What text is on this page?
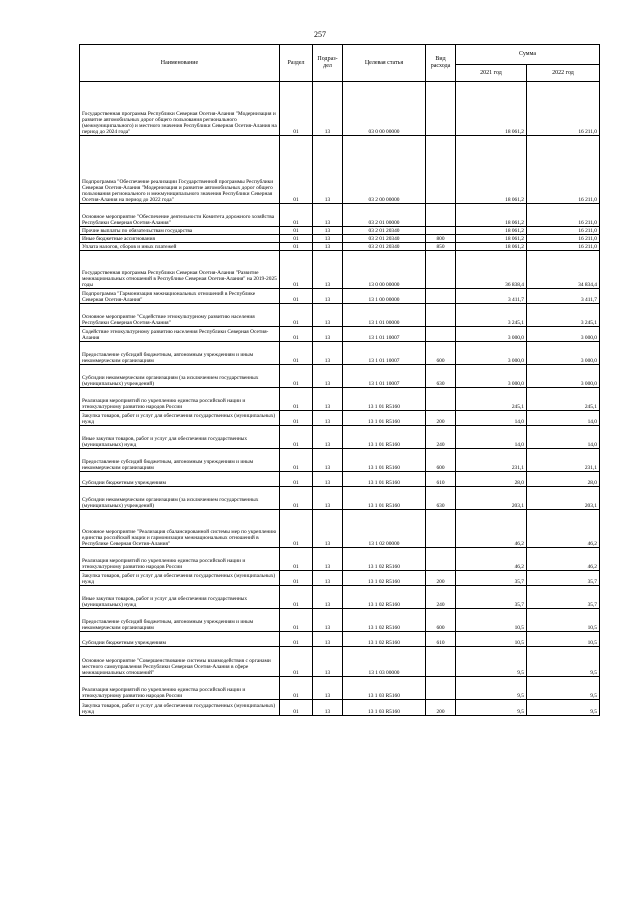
257
Наименование	Раздел	Подраз-дел	Целевая статья	Вид расхода	Сумма	
					2021 год	2022 год
Государственная программа Республики Северная Осетия-Алания "Модернизация и развитие автомобильных дорог общего пользования регионального (межмуниципального) и местного значения Республики Северная Осетия-Алания на период до 2024 года"	01	13	03 0 00 00000		18 061,2	16 211,0
Подпрограмма "Обеспечение реализации Государственной программы Республики Северная Осетия-Алания "Модернизация и развитие автомобильных дорог общего пользования регионального и межмуниципального значения Республики Северная Осетия-Алания на период до 2022 года"	01	13	03 2 00 00000		18 061,2	16 211,0
Основное мероприятие "Обеспечение деятельности Комитета дорожного хозяйства Республики Северная Осетия-Алания"	01	13	03 2 01 00000		18 061,2	16 211,0
Прочие выплаты по обязательствам государства	01	13	03 2 01 20340		18 061,2	16 211,0
Иные бюджетные ассигнования	01	13	03 2 01 20340	800	18 061,2	16 211,0
Уплата налогов, сборов и иных платежей	01	13	03 2 01 20340	850	18 061,2	16 211,0
Государственная программа Республики Северная Осетия-Алания "Развитие межнациональных отношений в Республике Северная Осетия-Алания" на 2019-2025 годы	01	13	13 0 00 00000		36 838,4	34 834,4
Подпрограмма "Гармонизация межнациональных отношений в Республике Северная Осетия-Алания"	01	13	13 1 00 00000		3 411,7	3 411,7
Основное мероприятие "Содействие этнокультурному развитию населения Республики Северная Осетия-Алания"	01	13	13 1 01 00000		3 245,1	3 245,1
Содействие этнокультурному развитию населения Республики Северная Осетия-Алания	01	13	13 1 01 10007		3 000,0	3 000,0
Предоставление субсидий бюджетным, автономным учреждениям и иным некоммерческим организациям	01	13	13 1 01 10007	600	3 000,0	3 000,0
Субсидии некоммерческим организациям (за исключением государственных (муниципальных) учреждений)	01	13	13 1 01 10007	630	3 000,0	3 000,0
Реализация мероприятий по укреплению единства российской нации и этнокультурному развитию народов России	01	13	13 1 01 R5160		245,1	245,1
Закупка товаров, работ и услуг для обеспечения государственных (муниципальных) нужд	01	13	13 1 01 R5160	200	14,0	14,0
Иные закупки товаров, работ и услуг для обеспечения государственных (муниципальных) нужд	01	13	13 1 01 R5160	240	14,0	14,0
Предоставление субсидий бюджетным, автономным учреждениям и иным некоммерческим организациям	01	13	13 1 01 R5160	600	231,1	231,1
Субсидии бюджетным учреждениям	01	13	13 1 01 R5160	610	28,0	28,0
Субсидии некоммерческим организациям (за исключением государственных (муниципальных) учреждений)	01	13	13 1 01 R5160	630	203,1	203,1
Основное мероприятие "Реализация сбалансированной системы мер по укреплению единства российской нации и гармонизации межнациональных отношений в Республике Северная Осетия-Алания"	01	13	13 1 02 00000		46,2	46,2
Реализация мероприятий по укреплению единства российской нации и этнокультурному развитию народов России	01	13	13 1 02 R5160		46,2	46,2
Закупка товаров, работ и услуг для обеспечения государственных (муниципальных) нужд	01	13	13 1 02 R5160	200	35,7	35,7
Иные закупки товаров, работ и услуг для обеспечения государственных (муниципальных) нужд	01	13	13 1 02 R5160	240	35,7	35,7
Предоставление субсидий бюджетным, автономным учреждениям и иным некоммерческим организациям	01	13	13 1 02 R5160	600	10,5	10,5
Субсидии бюджетным учреждениям	01	13	13 1 02 R5160	610	10,5	10,5
Основное мероприятие "Совершенствование системы взаимодействия с органами местного самоуправления Республики Северная Осетия-Алания в сфере межнациональных отношений"	01	13	13 1 03 00000		9,5	9,5
Реализация мероприятий по укреплению единства российской нации и этнокультурному развитию народов России	01	13	13 1 03 R5160		9,5	9,5
Закупка товаров, работ и услуг для обеспечения государственных (муниципальных) нужд	01	13	13 1 03 R5160	200	9,5	9,5
